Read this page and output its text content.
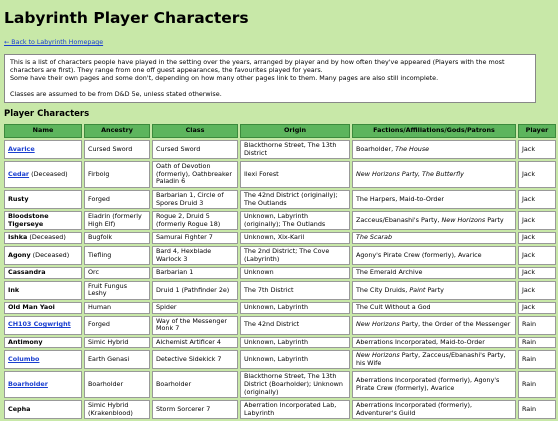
Labyrinth Player Characters
← Back to Labyrinth Homepage

This is a list of characters people have played in the setting over the years, arranged by player and by how often they've appeared (Players with the most characters are first). They range from one off guest appearances, the favourites played for years.

Some have their own pages and some don't, depending on how many other pages link to them. Many pages are also still incomplete.

Classes are assumed to be from D&D 5e, unless stated otherwise.

Player Characters
Name	Ancestry	Class	Origin	Factions/Affiliations/Gods/Patrons	Player
Avarice	Cursed Sword	Cursed Sword	Blackthorne Street, The 13th District	Boarholder, The House	Jack
Cedar (Deceased)	Firbolg	Oath of Devotion (formerly), Oathbreaker Paladin 6	Ilexi Forest	New Horizons Party, The Butterfly	Jack
Rusty	Forged	Barbarian 1, Circle of Spores Druid 3	The 42nd District (originally); The Outlands	The Harpers, Maid-to-Order	Jack
Bloodstone Tigerseye	Eladrin (formerly High Elf)	Rogue 2, Druid 5 (formerly Rogue 18)	Unknown, Labyrinth (originally); The Outlands	Zacceus/Ebanashi's Party, New Horizons Party	Jack
Ishka (Deceased)	Bugfolk	Samurai Fighter 7	Unknown, Xix-Karil	The Scarab	Jack
Agony (Deceased)	Tiefling	Bard 4, Hexblade Warlock 3	The 2nd District; The Cove (Labyrinth)	Agony's Pirate Crew (formerly), Avarice	Jack
Cassandra	Orc	Barbarian 1	Unknown	The Emerald Archive	Jack
Ink	Fruit Fungus Leshy	Druid 1 (Pathfinder 2e)	The 7th District	The City Druids, Paint Party	Jack
Old Man Yaoi	Human	Spider	Unknown, Labyrinth	The Cult Without a God	Jack
CH103 Cogwright	Forged	Way of the Messenger Monk 7	The 42nd District	New Horizons Party, the Order of the Messenger	Rain
Antimony	Simic Hybrid	Alchemist Artificer 4	Unknown, Labyrinth	Aberrations Incorporated, Maid-to-Order	Rain
Columbo	Earth Genasi	Detective Sidekick 7	Unknown, Labyrinth	New Horizons Party, Zacceus/Ebanashi's Party, his Wife	Rain
Boarholder	Boarholder	Boarholder	Blackthorne Street, The 13th District (Boarholder); Unknown (originally)	Aberrations Incorporated (formerly), Agony's Pirate Crew (formerly), Avarice	Rain
Cepha	Simic Hybrid (Krakenblood)	Storm Sorcerer 7	Aberration Incorporated Lab, Labyrinth	Aberrations Incorporated (formerly), Adventurer's Guild	Rain
